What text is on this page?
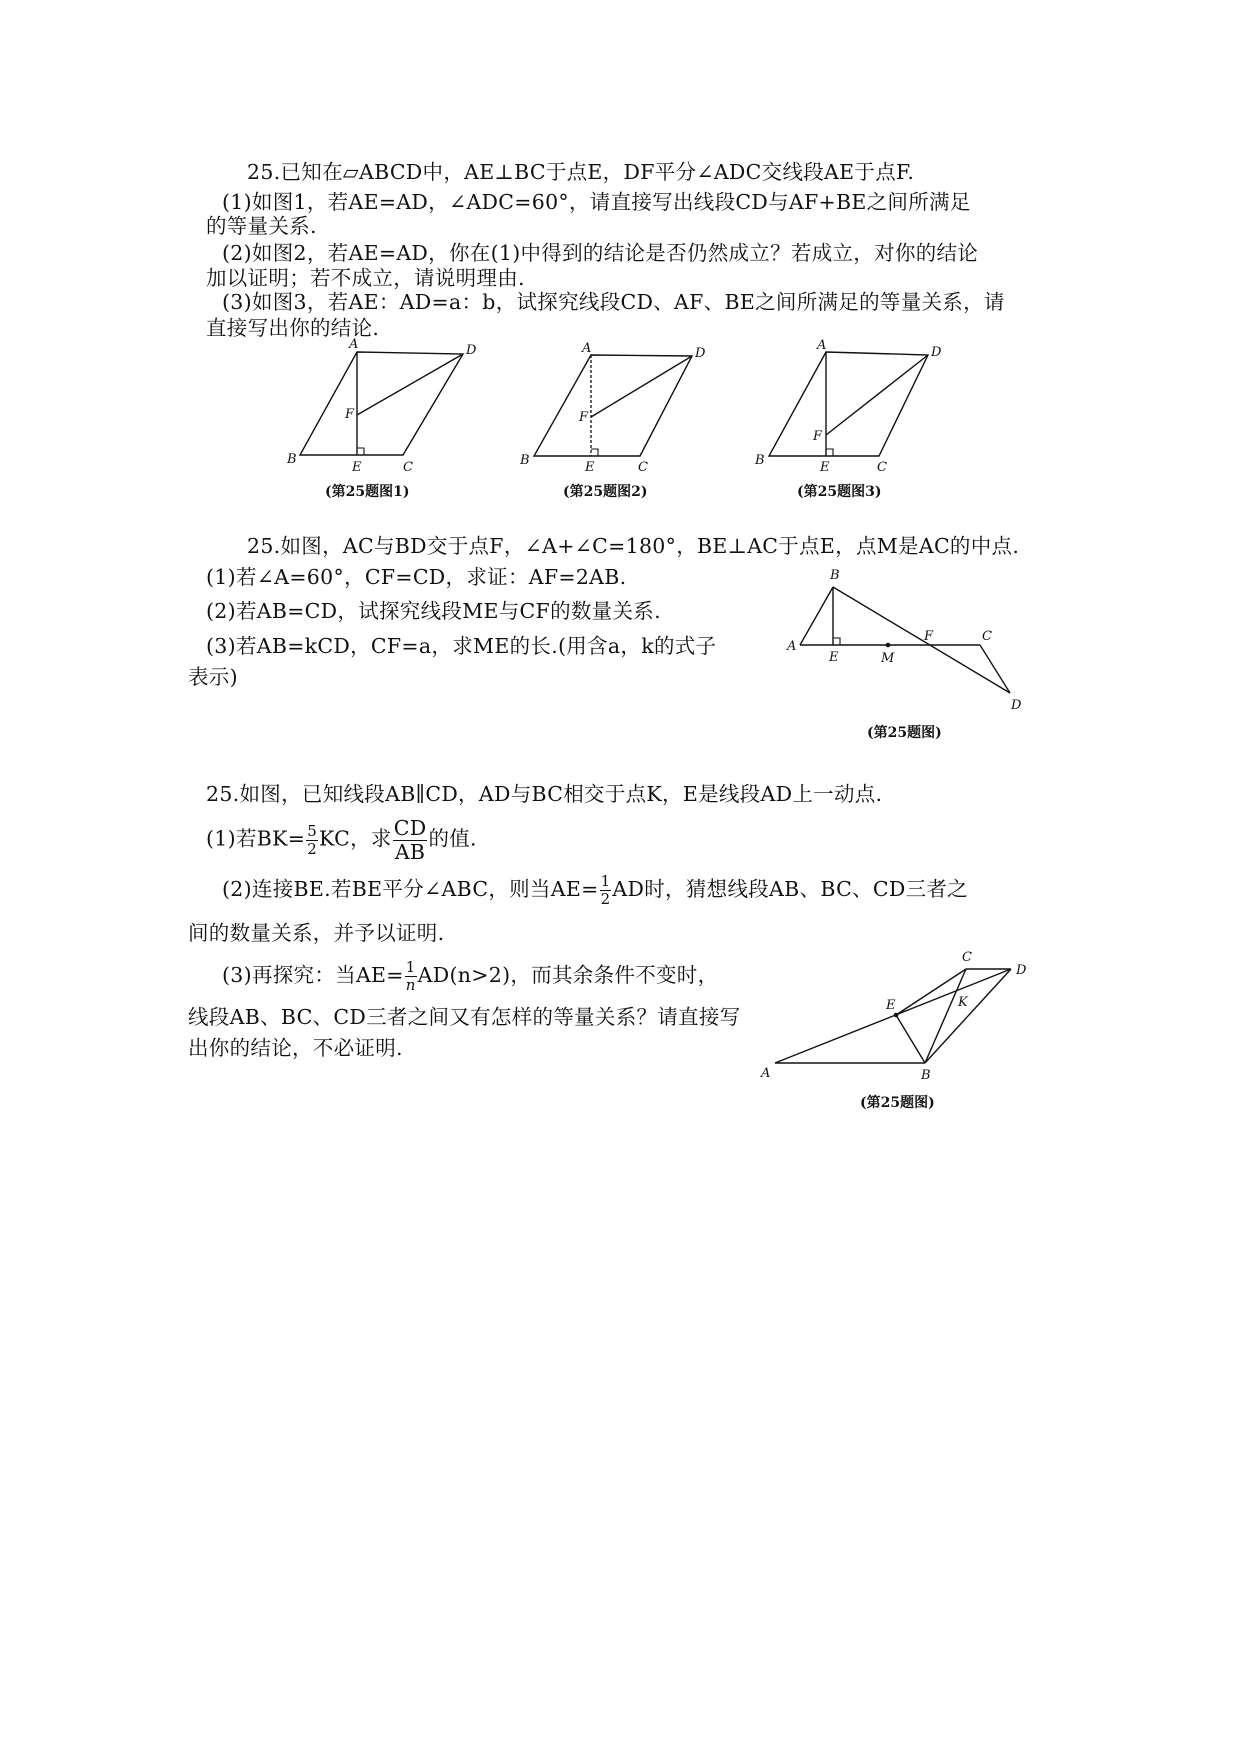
25.已知在▱ABCD中，AE⊥BC于点E，DF平分∠ADC交线段AE于点F.
(1)如图1，若AE=AD，∠ADC=60°，请直接写出线段CD与AF+BE之间所满足
的等量关系.
(2)如图2，若AE=AD，你在(1)中得到的结论是否仍然成立？若成立，对你的结论
加以证明；若不成立，请说明理由.
(3)如图3，若AE：AD=a：b，试探究线段CD、AF、BE之间所满足的等量关系，请
直接写出你的结论.
A	D
F
B
E	C
(第25题图1)
A	D
F
B	E	C
(第25题图2)
A	D
F
B	E	C
(第25题图3)
25.如图，AC与BD交于点F，∠A+∠C=180°，BE⊥AC于点E，点M是AC的中点.
(1)若∠A=60°，CF=CD，求证：AF=2AB.
(2)若AB=CD，试探究线段ME与CF的数量关系.
(3)若AB=kCD，CF=a，求ME的长.(用含a，k的式子
表示)
B
A
E	M
F	C
D
(第25题图)
25.如图，已知线段AB∥CD，AD与BC相交于点K，E是线段AD上一动点.
(1)若$BK= \frac{5}{2}$ KC，求 $\frac{CD}{AB}$ 的值.
(2)连接BE.若BE平分∠ABC，则当$AE= \frac{1}{2}$ AD时，猜想线段AB、BC、CD三者之
间的数量关系，并予以证明.
(3)再探究：当$AE= \frac{1}{n} AD(n>2)$，而其余条件不变时，
线段AB、BC、CD三者之间又有怎样的等量关系？请直接写
出你的结论，不必证明.
C
D
E	K
A	B
(第25题图)
